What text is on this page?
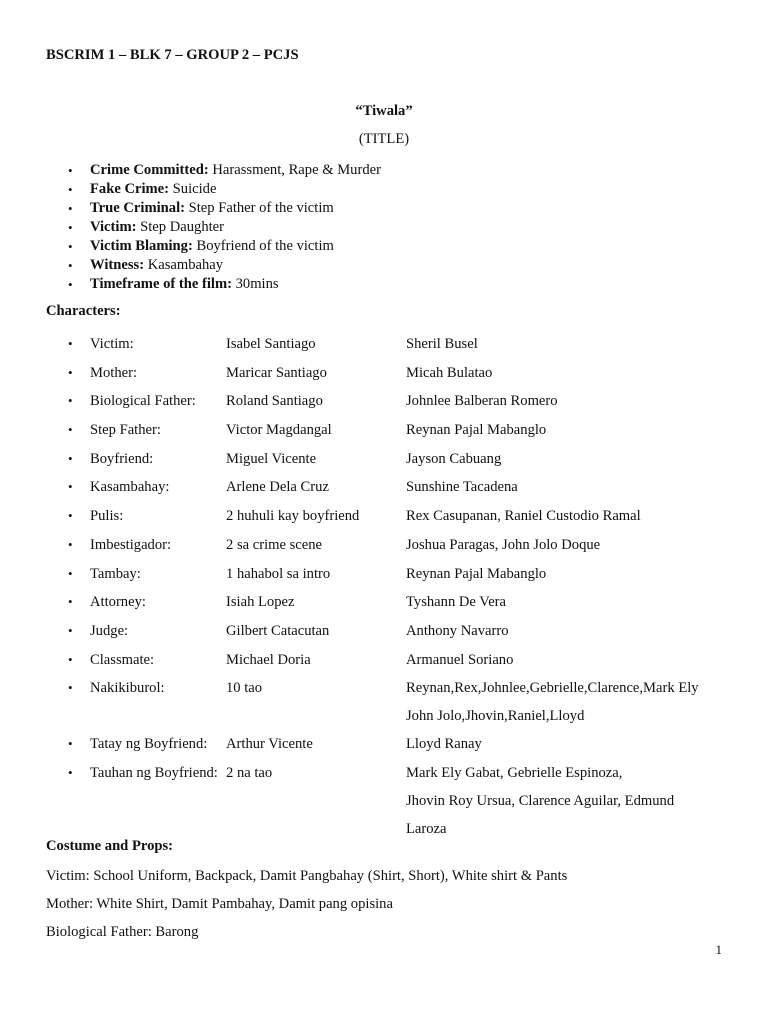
BSCRIM 1 – BLK 7 – GROUP 2 – PCJS
“Tiwala”
(TITLE)
• Crime Committed: Harassment, Rape & Murder
• Fake Crime: Suicide
• True Criminal: Step Father of the victim
• Victim: Step Daughter
• Victim Blaming: Boyfriend of the victim
• Witness: Kasambahay
• Timeframe of the film: 30mins
Characters:
• Victim:	Isabel Santiago	Sheril Busel
• Mother:	Maricar Santiago	Micah Bulatao
• Biological Father: Roland Santiago	Johnlee Balberan Romero
• Step Father:	Victor Magdangal	Reynan Pajal Mabanglo
• Boyfriend:	Miguel Vicente	Jayson Cabuang
• Kasambahay:	Arlene Dela Cruz	Sunshine Tacadena
• Pulis:	2 huhuli kay boyfriend	Rex Casupanan, Raniel Custodio Ramal
• Imbestigador:	2 sa crime scene	Joshua Paragas, John Jolo Doque
• Tambay:	1 hahabol sa intro	Reynan Pajal Mabanglo
• Attorney:	Isiah Lopez	Tyshann De Vera
• Judge:	Gilbert Catacutan	Anthony Navarro
• Classmate:	Michael Doria	Armanuel Soriano
• Nakikiburol:	10 tao	Reynan,Rex,Johnlee,Gebrielle,Clarence,Mark Ely
John Jolo,Jhovin,Raniel,Lloyd
• Tatay ng Boyfriend: Arthur Vicente	Lloyd Ranay
• Tauhan ng Boyfriend: 2 na tao	Mark Ely Gabat, Gebrielle Espinoza,
Jhovin Roy Ursua, Clarence Aguilar, Edmund
Laroza
Costume and Props:
Victim: School Uniform, Backpack, Damit Pangbahay (Shirt, Short), White shirt & Pants
Mother: White Shirt, Damit Pambahay, Damit pang opisina
Biological Father: Barong
1
